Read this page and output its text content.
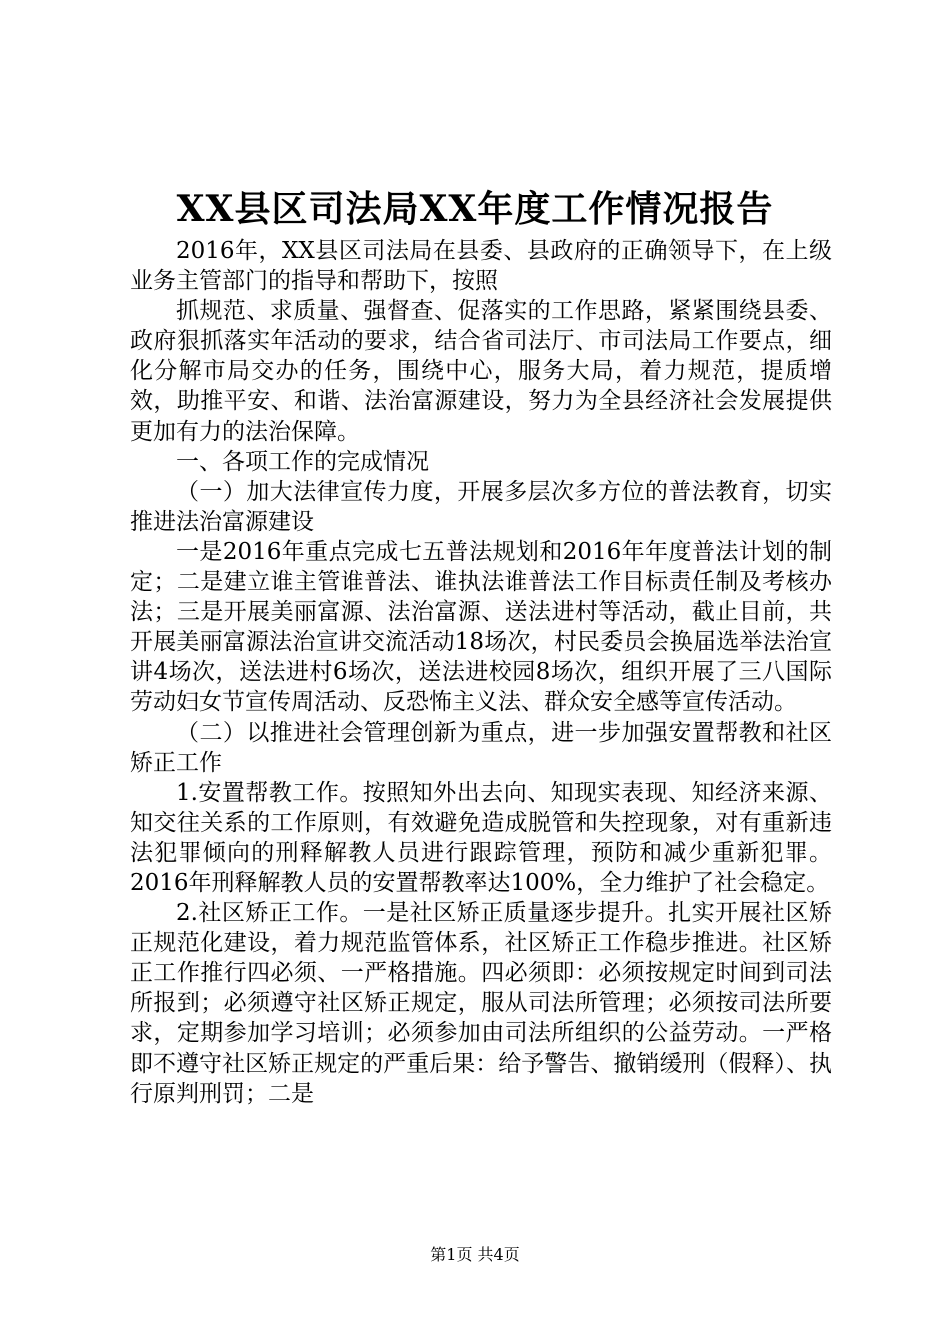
XX县区司法局XX年度工作情况报告

2016年，XX县区司法局在县委、县政府的正确领导下，在上级业务主管部门的指导和帮助下，按照

抓规范、求质量、强督查、促落实的工作思路，紧紧围绕县委、政府狠抓落实年活动的要求，结合省司法厅、市司法局工作要点，细化分解市局交办的任务，围绕中心，服务大局，着力规范，提质增效，助推平安、和谐、法治富源建设，努力为全县经济社会发展提供更加有力的法治保障。

一、各项工作的完成情况

（一）加大法律宣传力度，开展多层次多方位的普法教育，切实推进法治富源建设

一是2016年重点完成七五普法规划和2016年年度普法计划的制定；二是建立谁主管谁普法、谁执法谁普法工作目标责任制及考核办法；三是开展美丽富源、法治富源、送法进村等活动，截止目前，共开展美丽富源法治宣讲交流活动18场次，村民委员会换届选举法治宣讲4场次，送法进村6场次，送法进校园8场次，组织开展了三八国际劳动妇女节宣传周活动、反恐怖主义法、群众安全感等宣传活动。

（二）以推进社会管理创新为重点，进一步加强安置帮教和社区矫正工作

1.安置帮教工作。按照知外出去向、知现实表现、知经济来源、知交往关系的工作原则，有效避免造成脱管和失控现象，对有重新违法犯罪倾向的刑释解教人员进行跟踪管理，预防和减少重新犯罪。2016年刑释解教人员的安置帮教率达100%，全力维护了社会稳定。

2.社区矫正工作。一是社区矫正质量逐步提升。扎实开展社区矫正规范化建设，着力规范监管体系，社区矫正工作稳步推进。社区矫正工作推行四必须、一严格措施。四必须即：必须按规定时间到司法所报到；必须遵守社区矫正规定，服从司法所管理；必须按司法所要求，定期参加学习培训；必须参加由司法所组织的公益劳动。一严格即不遵守社区矫正规定的严重后果：给予警告、撤销缓刑（假释）、执行原判刑罚；二是

第1页 共4页
